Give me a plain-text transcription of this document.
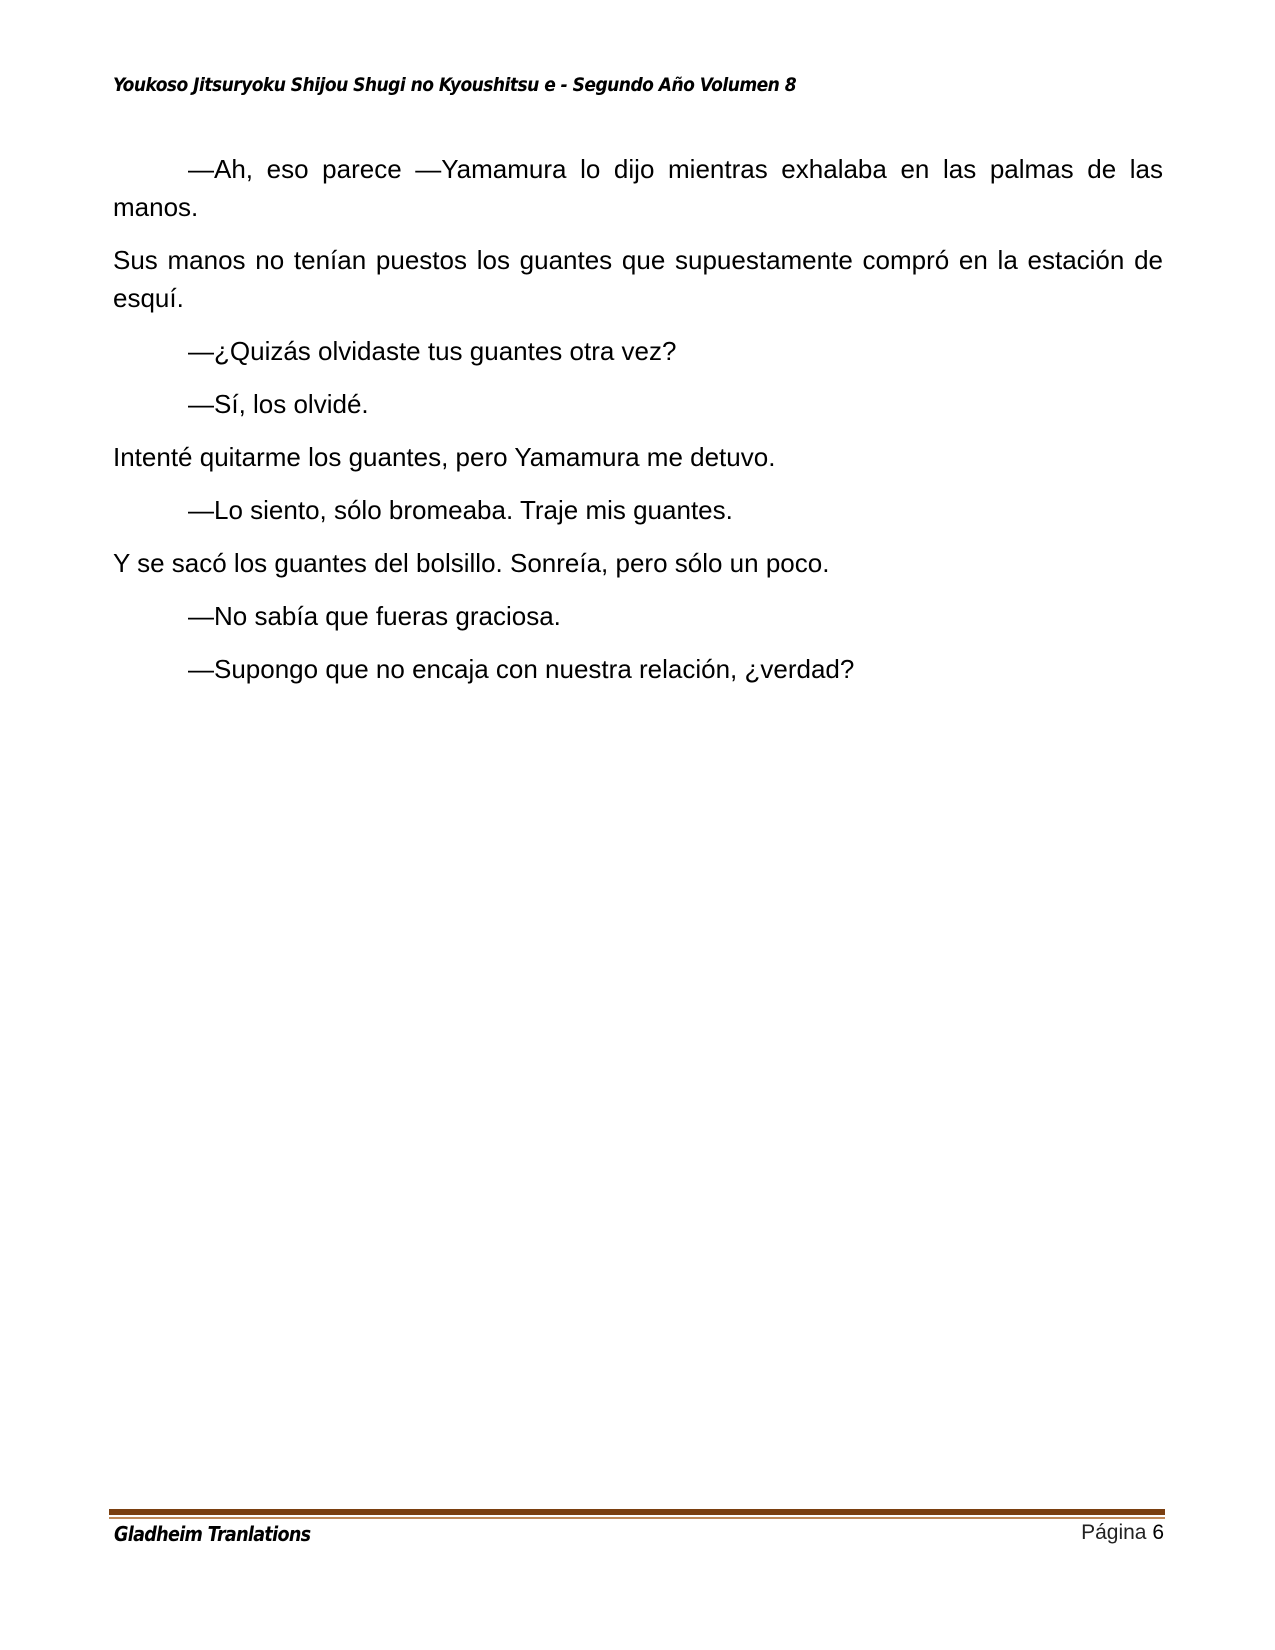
Youkoso Jitsuryoku Shijou Shugi no Kyoushitsu e - Segundo Año Volumen 8

—Ah, eso parece —Yamamura lo dijo mientras exhalaba en las palmas de las manos.

Sus manos no tenían puestos los guantes que supuestamente compró en la estación de esquí.

—¿Quizás olvidaste tus guantes otra vez?

—Sí, los olvidé.

Intenté quitarme los guantes, pero Yamamura me detuvo.

—Lo siento, sólo bromeaba. Traje mis guantes.

Y se sacó los guantes del bolsillo. Sonreía, pero sólo un poco.

—No sabía que fueras graciosa.

—Supongo que no encaja con nuestra relación, ¿verdad?

Gladheim Tranlations	Página 6
